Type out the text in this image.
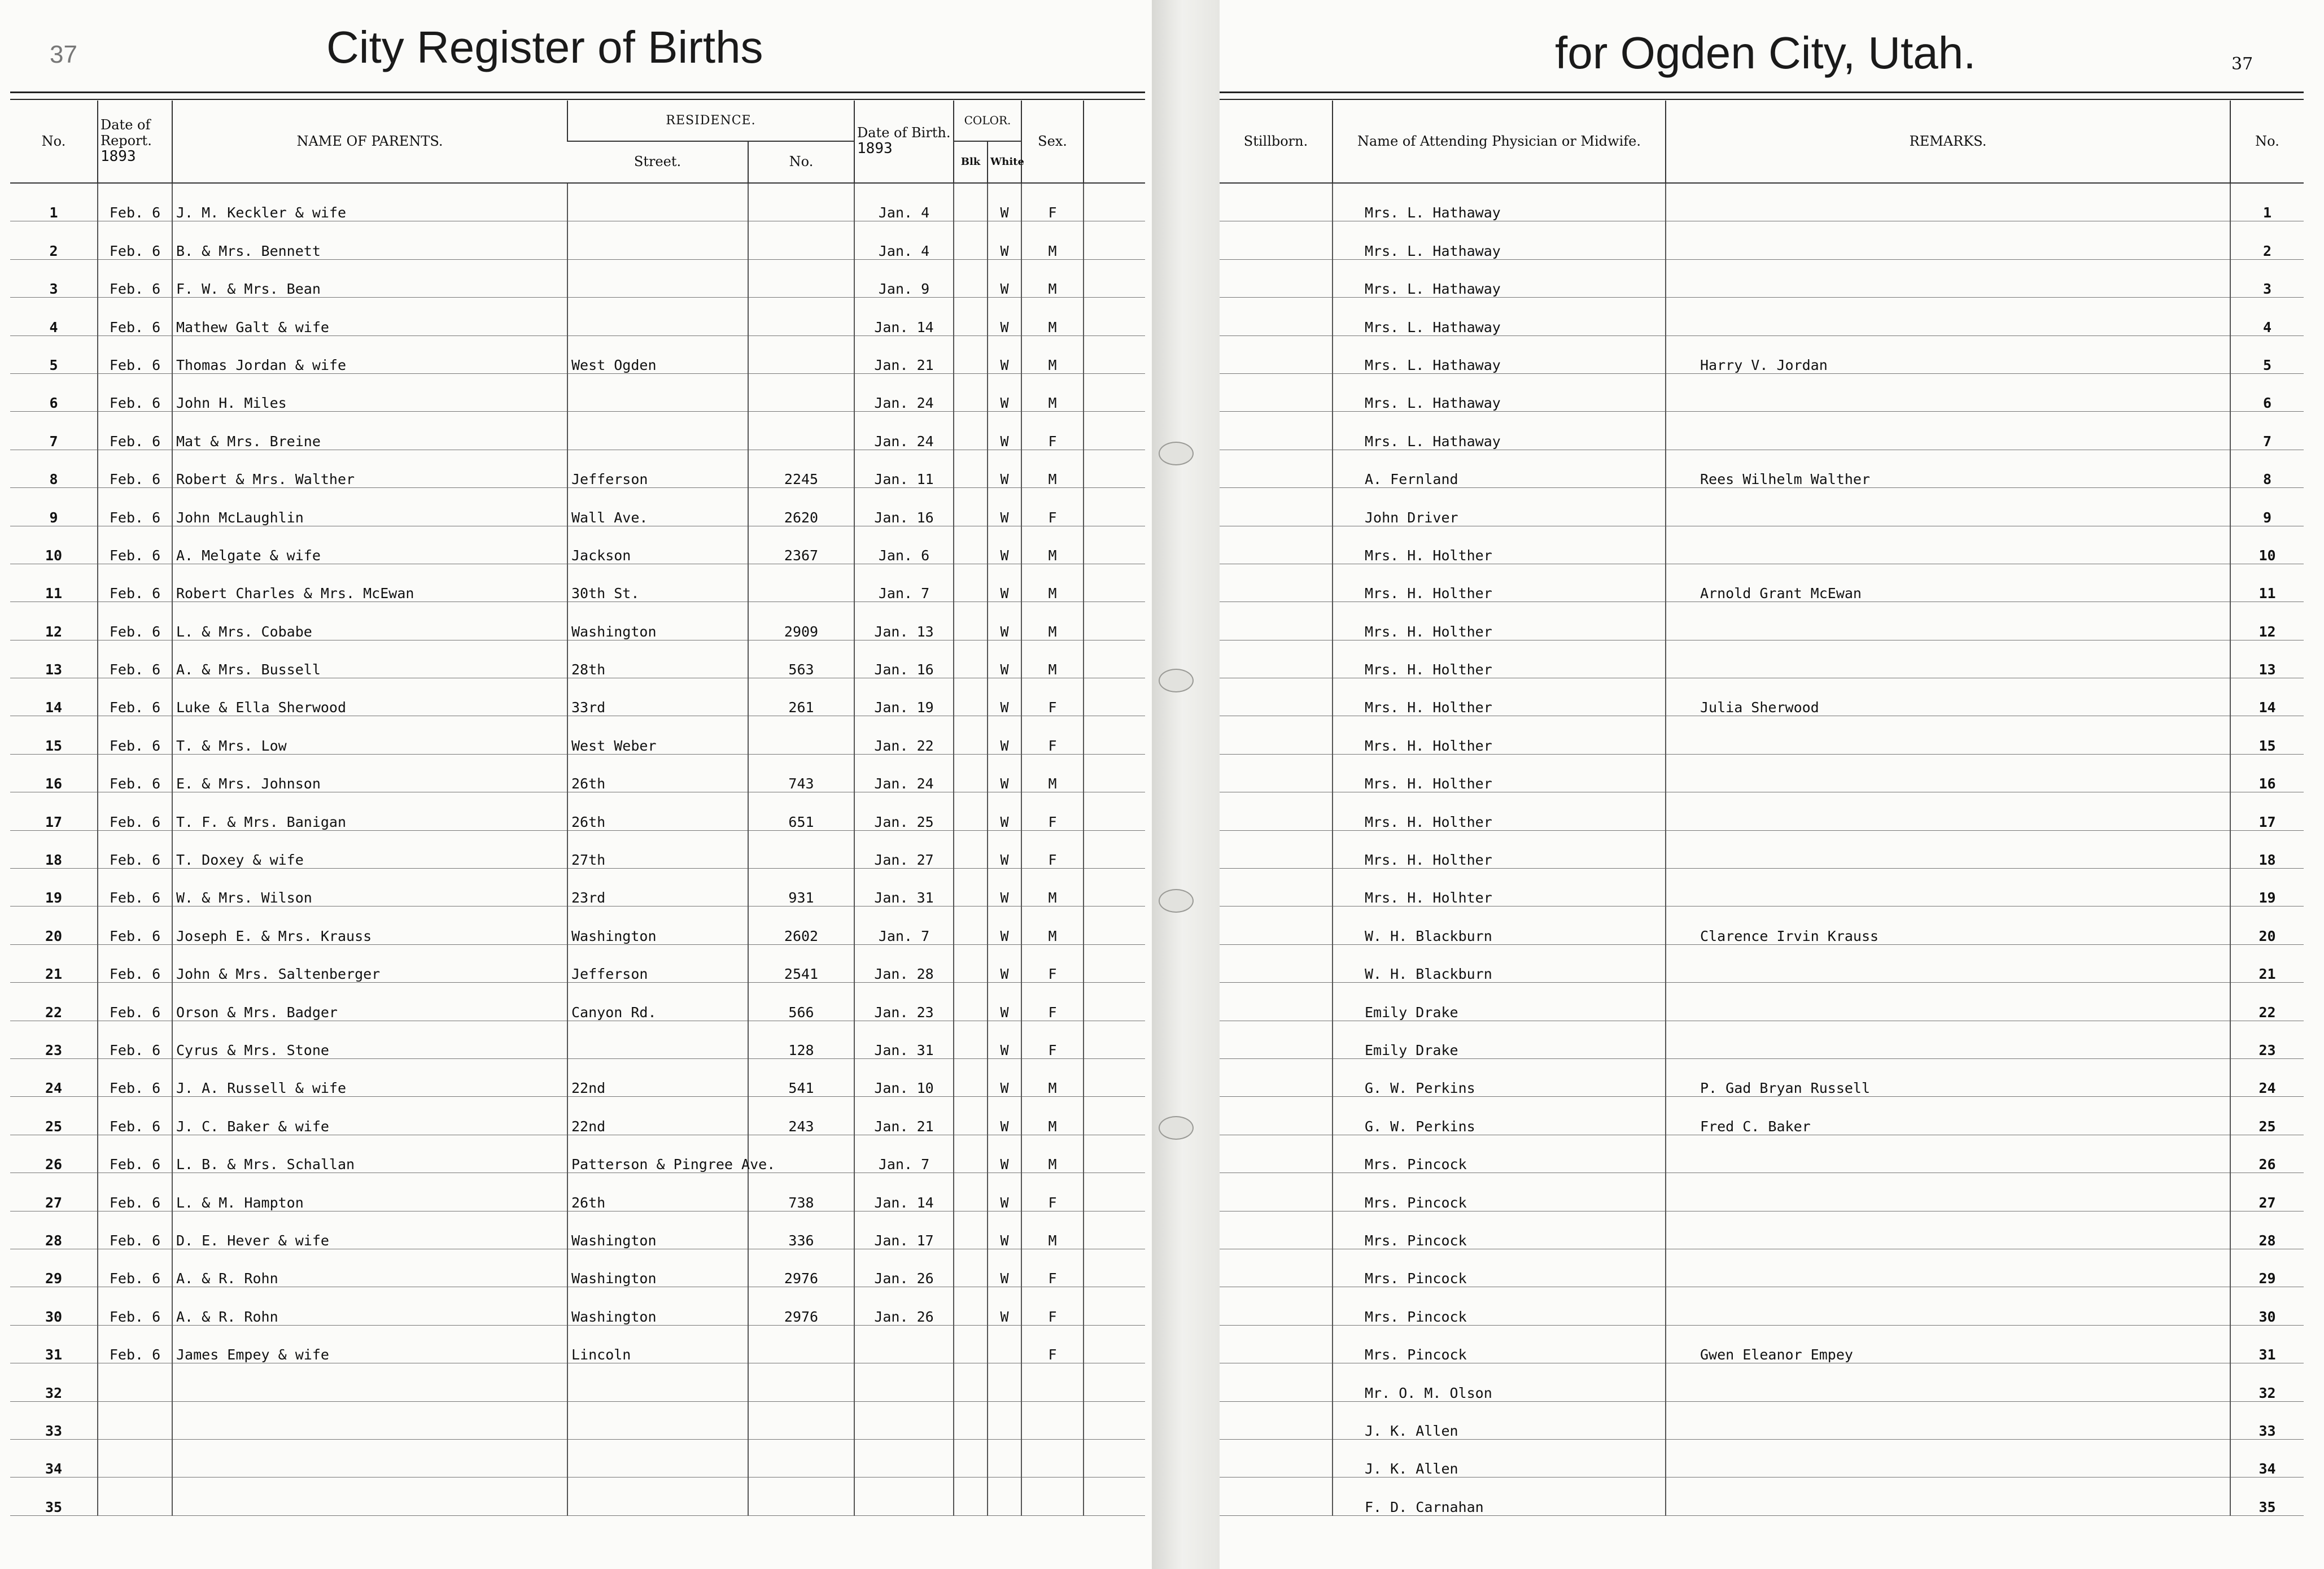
37	City Register of Births
No.	Date of Report.
1893	NAME OF PARENTS.	RESIDENCE.		Date of Birth.
1893	COLOR.		Sex.	
			Street.	No.		Blk	White		
1	Feb. 6	J. M. Keckler & wife			Jan. 4		W	F	
2	Feb. 6	B. & Mrs. Bennett			Jan. 4		W	M	
3	Feb. 6	F. W. & Mrs. Bean			Jan. 9		W	M	
4	Feb. 6	Mathew Galt & wife			Jan. 14		W	M	
5	Feb. 6	Thomas Jordan & wife	West Ogden		Jan. 21		W	M	
6	Feb. 6	John H. Miles			Jan. 24		W	M	
7	Feb. 6	Mat & Mrs. Breine			Jan. 24		W	F	
8	Feb. 6	Robert & Mrs. Walther	Jefferson	2245	Jan. 11		W	M	
9	Feb. 6	John McLaughlin	Wall Ave.	2620	Jan. 16		W	F	
10	Feb. 6	A. Melgate & wife	Jackson	2367	Jan. 6		W	M	
11	Feb. 6	Robert Charles & Mrs. McEwan	30th St.		Jan. 7		W	M	
12	Feb. 6	L. & Mrs. Cobabe	Washington	2909	Jan. 13		W	M	
13	Feb. 6	A. & Mrs. Bussell	28th	563	Jan. 16		W	M	
14	Feb. 6	Luke & Ella Sherwood	33rd	261	Jan. 19		W	F	
15	Feb. 6	T. & Mrs. Low	West Weber		Jan. 22		W	F	
16	Feb. 6	E. & Mrs. Johnson	26th	743	Jan. 24		W	M	
17	Feb. 6	T. F. & Mrs. Banigan	26th	651	Jan. 25		W	F	
18	Feb. 6	T. Doxey & wife	27th		Jan. 27		W	F	
19	Feb. 6	W. & Mrs. Wilson	23rd	931	Jan. 31		W	M	
20	Feb. 6	Joseph E. & Mrs. Krauss	Washington	2602	Jan. 7		W	M	
21	Feb. 6	John & Mrs. Saltenberger	Jefferson	2541	Jan. 28		W	F	
22	Feb. 6	Orson & Mrs. Badger	Canyon Rd.	566	Jan. 23		W	F	
23	Feb. 6	Cyrus & Mrs. Stone		128	Jan. 31		W	F	
24	Feb. 6	J. A. Russell & wife	22nd	541	Jan. 10		W	M	
25	Feb. 6	J. C. Baker & wife	22nd	243	Jan. 21		W	M	
26	Feb. 6	L. B. & Mrs. Schallan	Patterson & Pingree Ave.		Jan. 7		W	M	
27	Feb. 6	L. & M. Hampton	26th	738	Jan. 14		W	F	
28	Feb. 6	D. E. Hever & wife	Washington	336	Jan. 17		W	M	
29	Feb. 6	A. & R. Rohn	Washington	2976	Jan. 26		W	F	
30	Feb. 6	A. & R. Rohn	Washington	2976	Jan. 26		W	F	
31	Feb. 6	James Empey & wife	Lincoln					F	
32									
33									
34									
35									
for Ogden City, Utah.	37
Stillborn.	Name of Attending Physician or Midwife.	REMARKS.	No.
	Mrs. L. Hathaway		1
	Mrs. L. Hathaway		2
	Mrs. L. Hathaway		3
	Mrs. L. Hathaway		4
	Mrs. L. Hathaway	Harry V. Jordan	5
	Mrs. L. Hathaway		6
	Mrs. L. Hathaway		7
	A. Fernland	Rees Wilhelm Walther	8
	John Driver		9
	Mrs. H. Holther		10
	Mrs. H. Holther	Arnold Grant McEwan	11
	Mrs. H. Holther		12
	Mrs. H. Holther		13
	Mrs. H. Holther	Julia Sherwood	14
	Mrs. H. Holther		15
	Mrs. H. Holther		16
	Mrs. H. Holther		17
	Mrs. H. Holther		18
	Mrs. H. Holhter		19
	W. H. Blackburn	Clarence Irvin Krauss	20
	W. H. Blackburn		21
	Emily Drake		22
	Emily Drake		23
	G. W. Perkins	P. Gad Bryan Russell	24
	G. W. Perkins	Fred C. Baker	25
	Mrs. Pincock		26
	Mrs. Pincock		27
	Mrs. Pincock		28
	Mrs. Pincock		29
	Mrs. Pincock		30
	Mrs. Pincock	Gwen Eleanor Empey	31
	Mr. O. M. Olson		32
	J. K. Allen		33
	J. K. Allen		34
	F. D. Carnahan		35
